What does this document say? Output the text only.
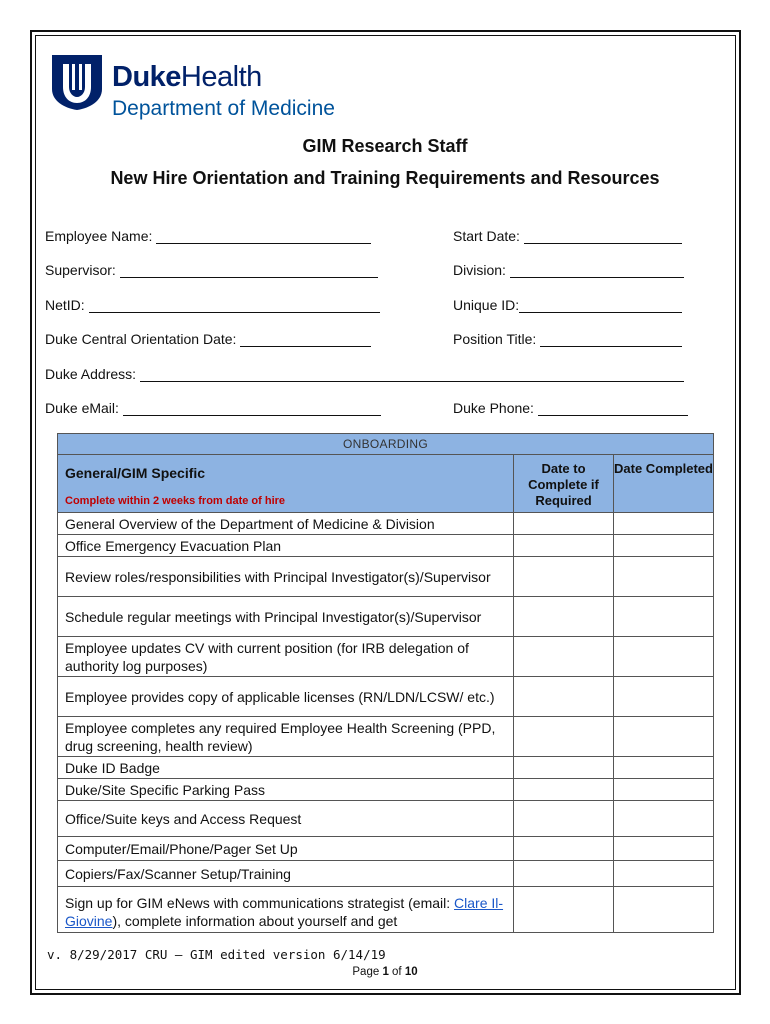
DukeHealth
Department of Medicine
GIM Research Staff
New Hire Orientation and Training Requirements and Resources
Employee Name:	Start Date:
Supervisor:	Division:
NetID:	Unique ID:
Duke Central Orientation Date:	Position Title:
Duke Address:
Duke eMail:	Duke Phone:
ONBOARDING		

General/GIM Specific
Complete within 2 weeks from date of hire	Date to Complete if Required	Date Completed
General Overview of the Department of Medicine & Division		
Office Emergency Evacuation Plan		
Review roles/responsibilities with Principal Investigator(s)/Supervisor		
Schedule regular meetings with Principal Investigator(s)/Supervisor		
Employee updates CV with current position (for IRB delegation of authority log purposes)		
Employee provides copy of applicable licenses (RN/LDN/LCSW/ etc.)		
Employee completes any required Employee Health Screening (PPD, drug screening, health review)		
Duke ID Badge		
Duke/Site Specific Parking Pass		
Office/Suite keys and Access Request		
Computer/Email/Phone/Pager Set Up		
Copiers/Fax/Scanner Setup/Training		
Sign up for GIM eNews with communications strategist (email: Clare Il-Giovine), complete information about yourself and get		
v. 8/29/2017 CRU – GIM edited version 6/14/19
Page 1 of 10
